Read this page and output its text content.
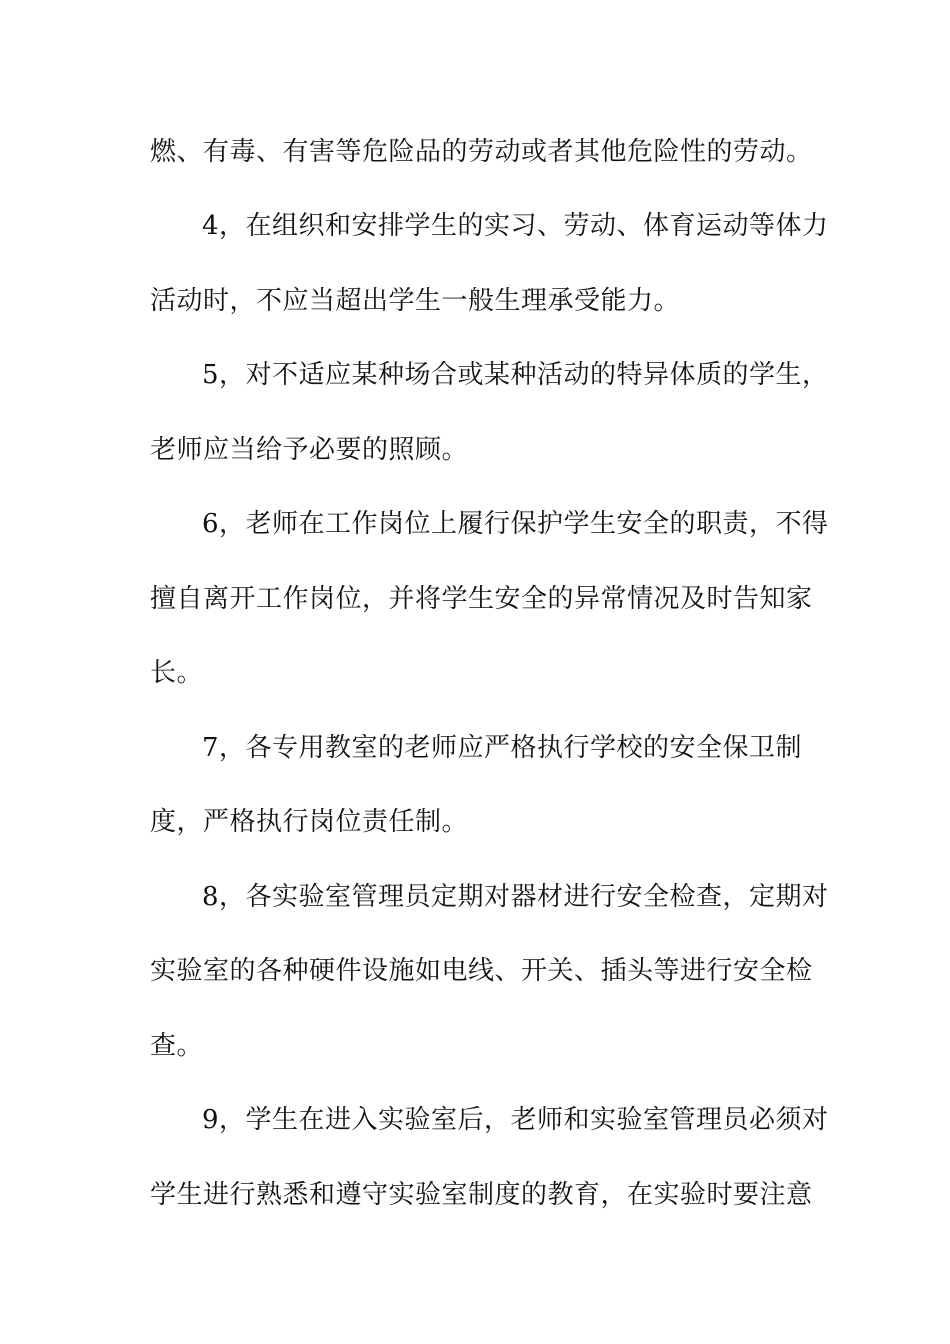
燃、有毒、有害等危险品的劳动或者其他危险性的劳动。
4，在组织和安排学生的实习、劳动、体育运动等体力
活动时，不应当超出学生一般生理承受能力。
5，对不适应某种场合或某种活动的特异体质的学生，
老师应当给予必要的照顾。
6，老师在工作岗位上履行保护学生安全的职责，不得
擅自离开工作岗位，并将学生安全的异常情况及时告知家
长。
7，各专用教室的老师应严格执行学校的安全保卫制
度，严格执行岗位责任制。
8，各实验室管理员定期对器材进行安全检查，定期对
实验室的各种硬件设施如电线、开关、插头等进行安全检
查。
9，学生在进入实验室后，老师和实验室管理员必须对
学生进行熟悉和遵守实验室制度的教育，在实验时要注意
